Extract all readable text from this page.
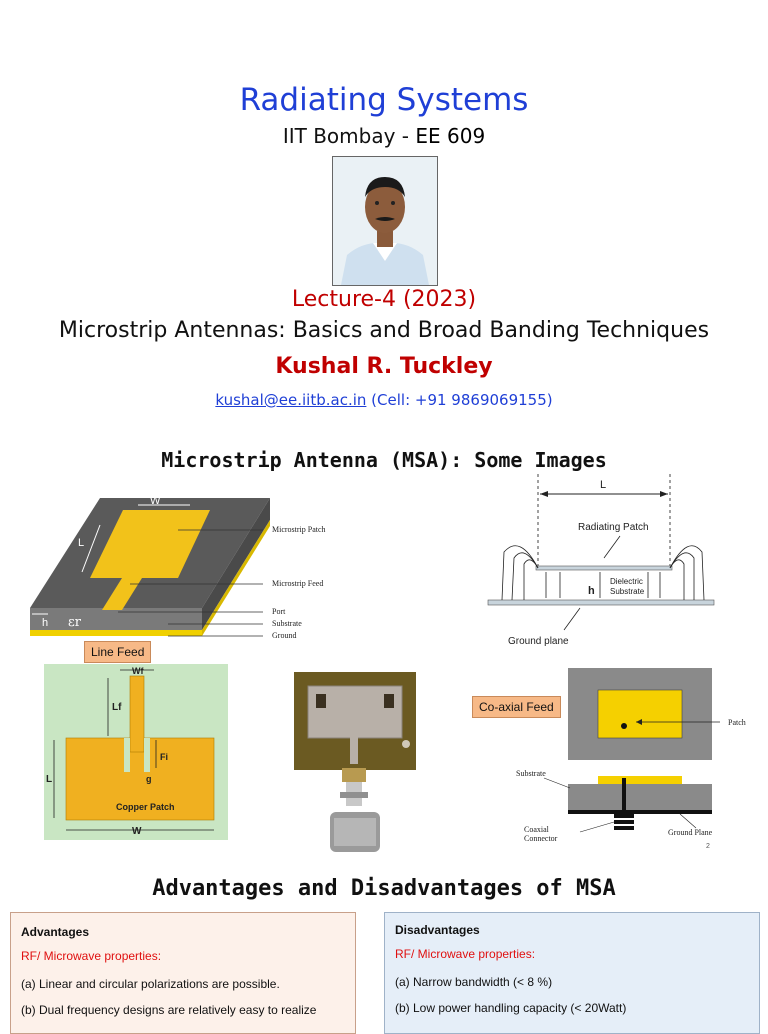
Radiating Systems
IIT Bombay - EE 609
Lecture-4 (2023)
Microstrip Antennas: Basics and Broad Banding Techniques
Kushal R. Tuckley
kushal@ee.iitb.ac.in (Cell: +91 9869069155)
Microstrip Antenna (MSA): Some Images
W
L
h εr
Microstrip Patch
Microstrip Feed
Port
Substrate
Ground
L
Radiating Patch
h
Dielectric
Substrate
Ground plane
Line Feed
Wf
Lf
L
Fi
g
W
Copper Patch
Co-axial Feed
Patch
Substrate
Coaxial
Connector
Ground Plane
2
Advantages and Disadvantages of MSA
Advantages
RF/ Microwave properties:
(a) Linear and circular polarizations are possible.
(b) Dual frequency designs are relatively easy to realize
Disadvantages
RF/ Microwave properties:
(a) Narrow bandwidth (< 8 %)
(b) Low power handling capacity (< 20Watt)
